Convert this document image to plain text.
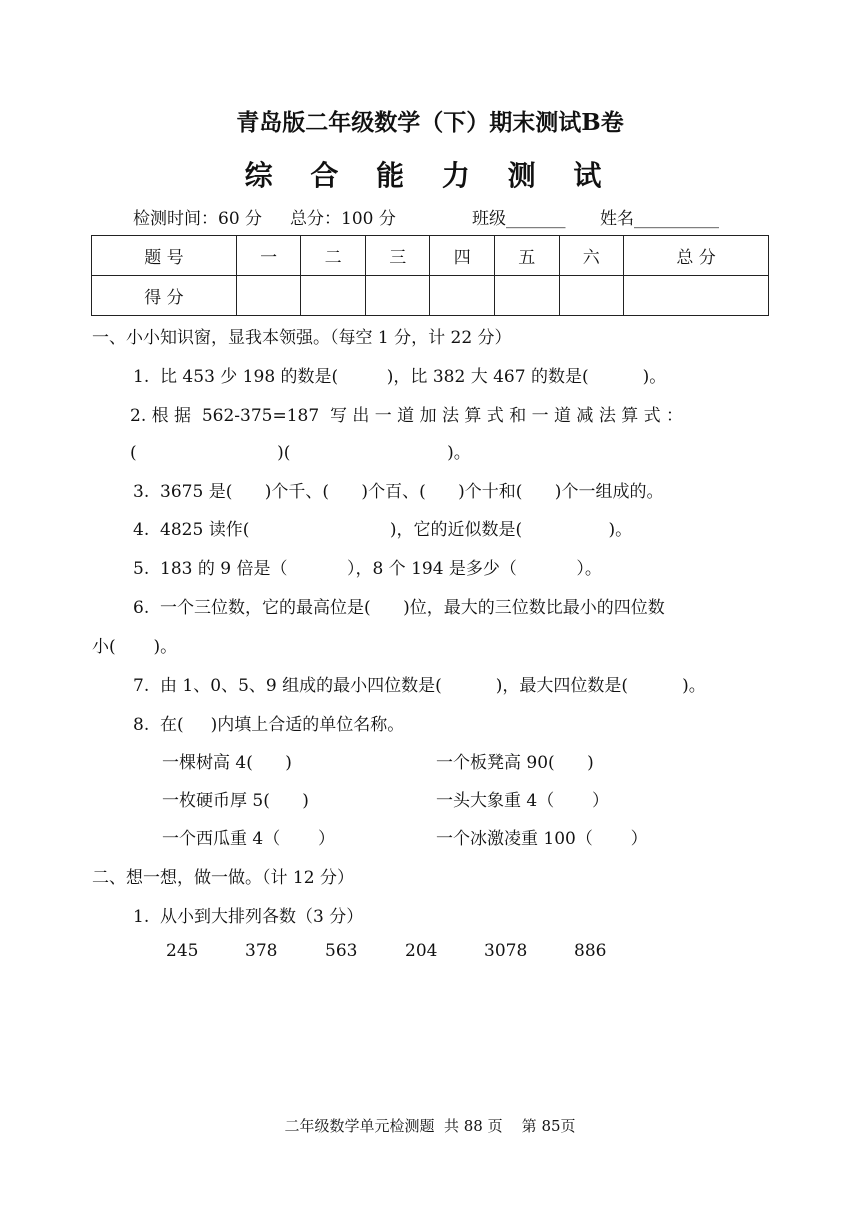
青岛版二年级数学（下）期末测试B卷
综 合 能 力 测 试
检测时间：60 分 总分：100 分	班级_______ 姓名__________
题 号	一	二	三	四	五	六	总 分
得 分							
一、小小知识窗，显我本领强。（每空 1 分，计 22 分）
1.  比 453 少 198 的数是(         )，比 382 大 467 的数是(          )。
2. 根 据  562-375=187  写 出 一 道 加 法 算 式 和 一 道 减 法 算 式 ：
(                          )(                             )。
3.  3675 是(      )个千、(      )个百、(      )个十和(      )个一组成的。
4.  4825 读作(                          )，它的近似数是(                )。
5.  183 的 9 倍是（           ），8 个 194 是多少（           ）。
6.  一个三位数，它的最高位是(      )位，最大的三位数比最小的四位数
小(       )。
7.  由 1、0、5、9 组成的最小四位数是(          )，最大四位数是(          )。
8.  在(     )内填上合适的单位名称。
一棵树高 4(      )	一个板凳高 90(      )
一枚硬币厚 5(      )	一头大象重 4（       ）
一个西瓜重 4（       ）	一个冰激凌重 100（       ）
二、想一想，做一做。（计 12 分）
1.  从小到大排列各数（3 分）
245	378	563	204	3078	886
二年级数学单元检测题  共 88 页    第 85页
